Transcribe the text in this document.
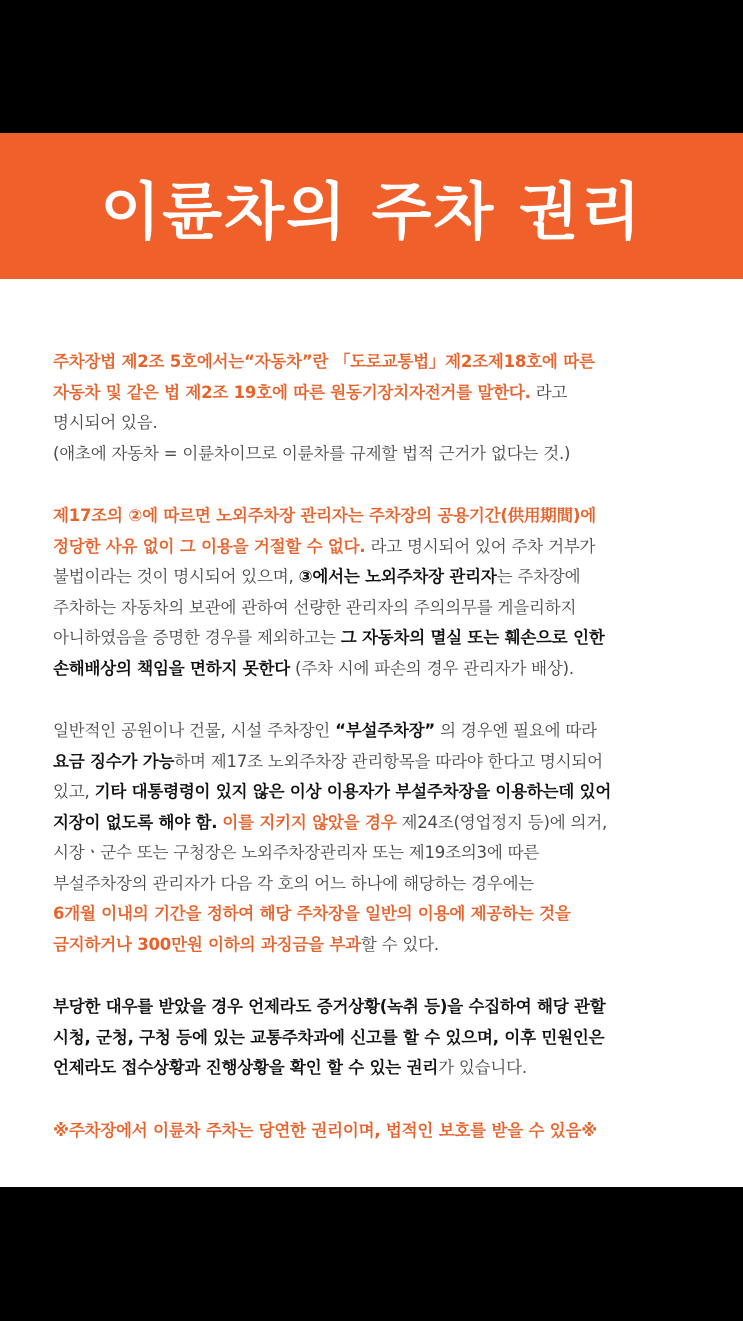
이륜차의 주차 권리
주차장법 제2조 5호에서는“자동차”란 「도로교통법」제2조제18호에 따른
자동차 및 같은 법 제2조 19호에 따른 원동기장치자전거를 말한다. 라고
명시되어 있음.
(애초에 자동차 = 이륜차이므로 이륜차를 규제할 법적 근거가 없다는 것.)
제17조의 ②에 따르면 노외주차장 관리자는 주차장의 공용기간(供用期間)에
정당한 사유 없이 그 이용을 거절할 수 없다. 라고 명시되어 있어 주차 거부가
불법이라는 것이 명시되어 있으며, ③에서는 노외주차장 관리자는 주차장에
주차하는 자동차의 보관에 관하여 선량한 관리자의 주의의무를 게을리하지
아니하였음을 증명한 경우를 제외하고는 그 자동차의 멸실 또는 훼손으로 인한
손해배상의 책임을 면하지 못한다 (주차 시에 파손의 경우 관리자가 배상).
일반적인 공원이나 건물, 시설 주차장인 “부설주차장” 의 경우엔 필요에 따라
요금 징수가 가능하며 제17조 노외주차장 관리항목을 따라야 한다고 명시되어
있고, 기타 대통령령이 있지 않은 이상 이용자가 부설주차장을 이용하는데 있어
지장이 없도록 해야 함. 이를 지키지 않았을 경우 제24조(영업정지 등)에 의거,
시장ㆍ군수 또는 구청장은 노외주차장관리자 또는 제19조의3에 따른
부설주차장의 관리자가 다음 각 호의 어느 하나에 해당하는 경우에는
6개월 이내의 기간을 정하여 해당 주차장을 일반의 이용에 제공하는 것을
금지하거나 300만원 이하의 과징금을 부과할 수 있다.
부당한 대우를 받았을 경우 언제라도 증거상황(녹취 등)을 수집하여 해당 관할
시청, 군청, 구청 등에 있는 교통주차과에 신고를 할 수 있으며, 이후 민원인은
언제라도 접수상황과 진행상황을 확인 할 수 있는 권리가 있습니다.
※주차장에서 이륜차 주차는 당연한 권리이며, 법적인 보호를 받을 수 있음※
